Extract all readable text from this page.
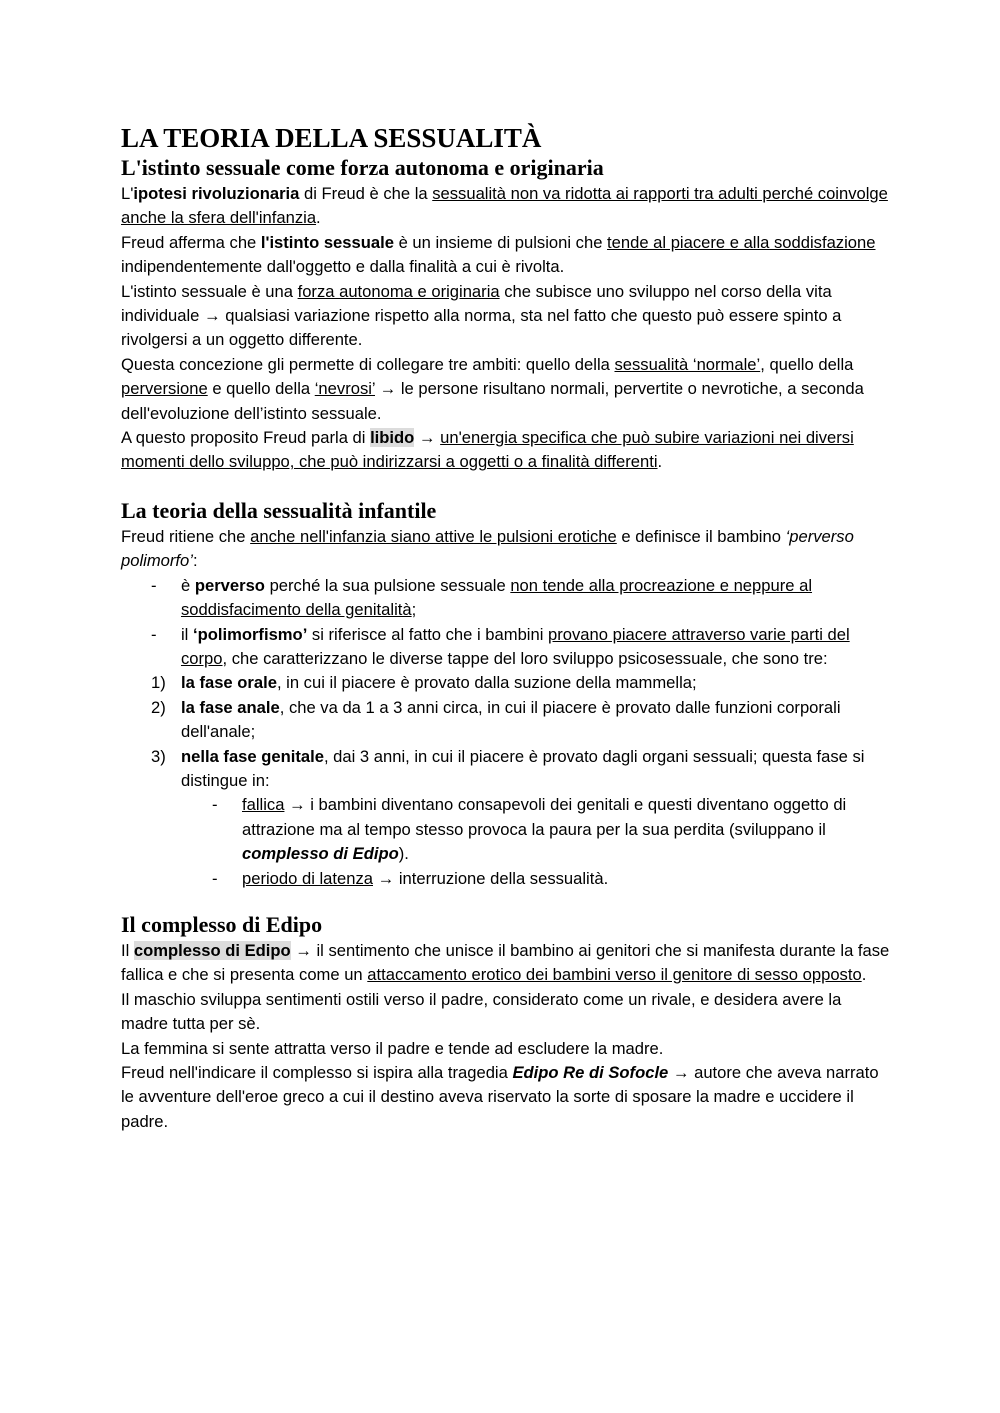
LA TEORIA DELLA SESSUALITÀ
L'istinto sessuale come forza autonoma e originaria

L'ipotesi rivoluzionaria di Freud è che la sessualità non va ridotta ai rapporti tra adulti perché coinvolge anche la sfera dell'infanzia.

Freud afferma che l'istinto sessuale è un insieme di pulsioni che tende al piacere e alla soddisfazione indipendentemente dall'oggetto e dalla finalità a cui è rivolta.

L'istinto sessuale è una forza autonoma e originaria che subisce uno sviluppo nel corso della vita individuale → qualsiasi variazione rispetto alla norma, sta nel fatto che questo può essere spinto a rivolgersi a un oggetto differente.

Questa concezione gli permette di collegare tre ambiti: quello della sessualità ‘normale’, quello della perversione e quello della ‘nevrosi’ → le persone risultano normali, pervertite o nevrotiche, a seconda dell'evoluzione dell’istinto sessuale.

A questo proposito Freud parla di libido → un'energia specifica che può subire variazioni nei diversi momenti dello sviluppo, che può indirizzarsi a oggetti o a finalità differenti.

La teoria della sessualità infantile

Freud ritiene che anche nell'infanzia siano attive le pulsioni erotiche e definisce il bambino ‘perverso polimorfo’:

- è perverso perché la sua pulsione sessuale non tende alla procreazione e neppure al soddisfacimento della genitalità;
- il ‘polimorfismo’ si riferisce al fatto che i bambini provano piacere attraverso varie parti del corpo, che caratterizzano le diverse tappe del loro sviluppo psicosessuale, che sono tre:
1) la fase orale, in cui il piacere è provato dalla suzione della mammella;
2) la fase anale, che va da 1 a 3 anni circa, in cui il piacere è provato dalle funzioni corporali dell'anale;
3) nella fase genitale, dai 3 anni, in cui il piacere è provato dagli organi sessuali; questa fase si distingue in:
- fallica → i bambini diventano consapevoli dei genitali e questi diventano oggetto di attrazione ma al tempo stesso provoca la paura per la sua perdita (sviluppano il complesso di Edipo).
- periodo di latenza → interruzione della sessualità.
Il complesso di Edipo

Il complesso di Edipo → il sentimento che unisce il bambino ai genitori che si manifesta durante la fase fallica e che si presenta come un attaccamento erotico dei bambini verso il genitore di sesso opposto.

Il maschio sviluppa sentimenti ostili verso il padre, considerato come un rivale, e desidera avere la madre tutta per sè.

La femmina si sente attratta verso il padre e tende ad escludere la madre.

Freud nell'indicare il complesso si ispira alla tragedia Edipo Re di Sofocle → autore che aveva narrato le avventure dell'eroe greco a cui il destino aveva riservato la sorte di sposare la madre e uccidere il padre.
